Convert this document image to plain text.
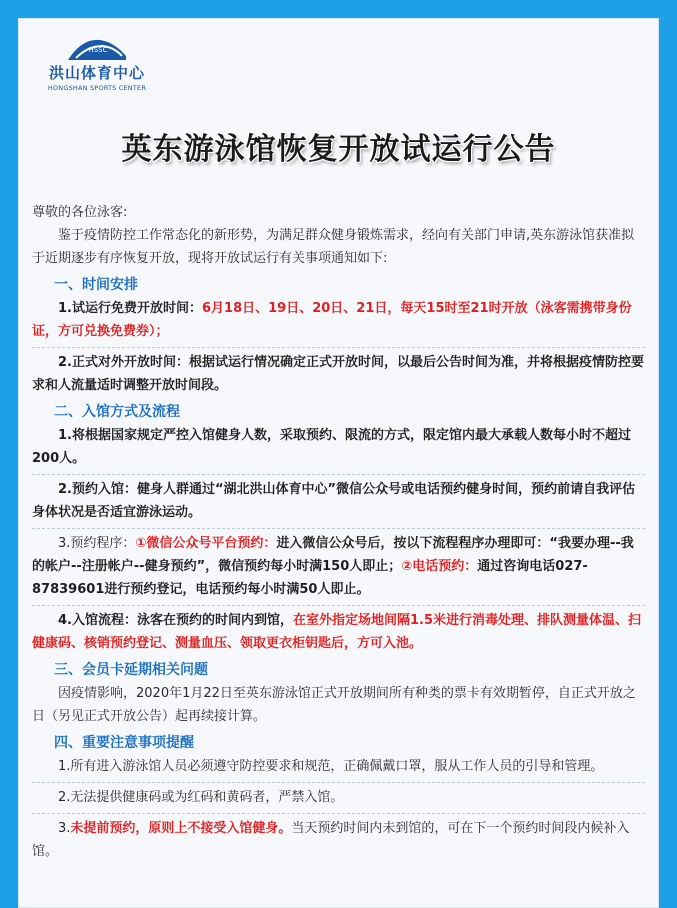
HSSC
洪山体育中心
HONGSHAN SPORTS CENTER
英东游泳馆恢复开放试运行公告

尊敬的各位泳客:

鉴于疫情防控工作常态化的新形势，为满足群众健身锻炼需求，经向有关部门申请,英东游泳馆获准拟于近期逐步有序恢复开放，现将开放试运行有关事项通知如下:

一、时间安排

1.试运行免费开放时间：6月18日、19日、20日、21日，每天15时至21时开放（泳客需携带身份证，方可兑换免费券）；

2.正式对外开放时间：根据试运行情况确定正式开放时间，以最后公告时间为准，并将根据疫情防控要求和人流量适时调整开放时间段。

二、入馆方式及流程

1.将根据国家规定严控入馆健身人数，采取预约、限流的方式，限定馆内最大承载人数每小时不超过200人。

2.预约入馆：健身人群通过“湖北洪山体育中心”微信公众号或电话预约健身时间，预约前请自我评估身体状况是否适宜游泳运动。

3.预约程序：①微信公众号平台预约：进入微信公众号后，按以下流程程序办理即可：“我要办理--我的帐户--注册帐户--健身预约”，微信预约每小时满150人即止；②电话预约：通过咨询电话027-87839601进行预约登记，电话预约每小时满50人即止。

4.入馆流程：泳客在预约的时间内到馆，在室外指定场地间隔1.5米进行消毒处理、排队测量体温、扫健康码、核销预约登记、测量血压、领取更衣柜钥匙后，方可入池。

三、会员卡延期相关问题

因疫情影响，2020年1月22日至英东游泳馆正式开放期间所有种类的票卡有效期暂停，自正式开放之日（另见正式开放公告）起再续接计算。

四、重要注意事项提醒

1.所有进入游泳馆人员必须遵守防控要求和规范，正确佩戴口罩，服从工作人员的引导和管理。

2.无法提供健康码或为红码和黄码者，严禁入馆。

3.未提前预约，原则上不接受入馆健身。当天预约时间内未到馆的，可在下一个预约时间段内候补入馆。
